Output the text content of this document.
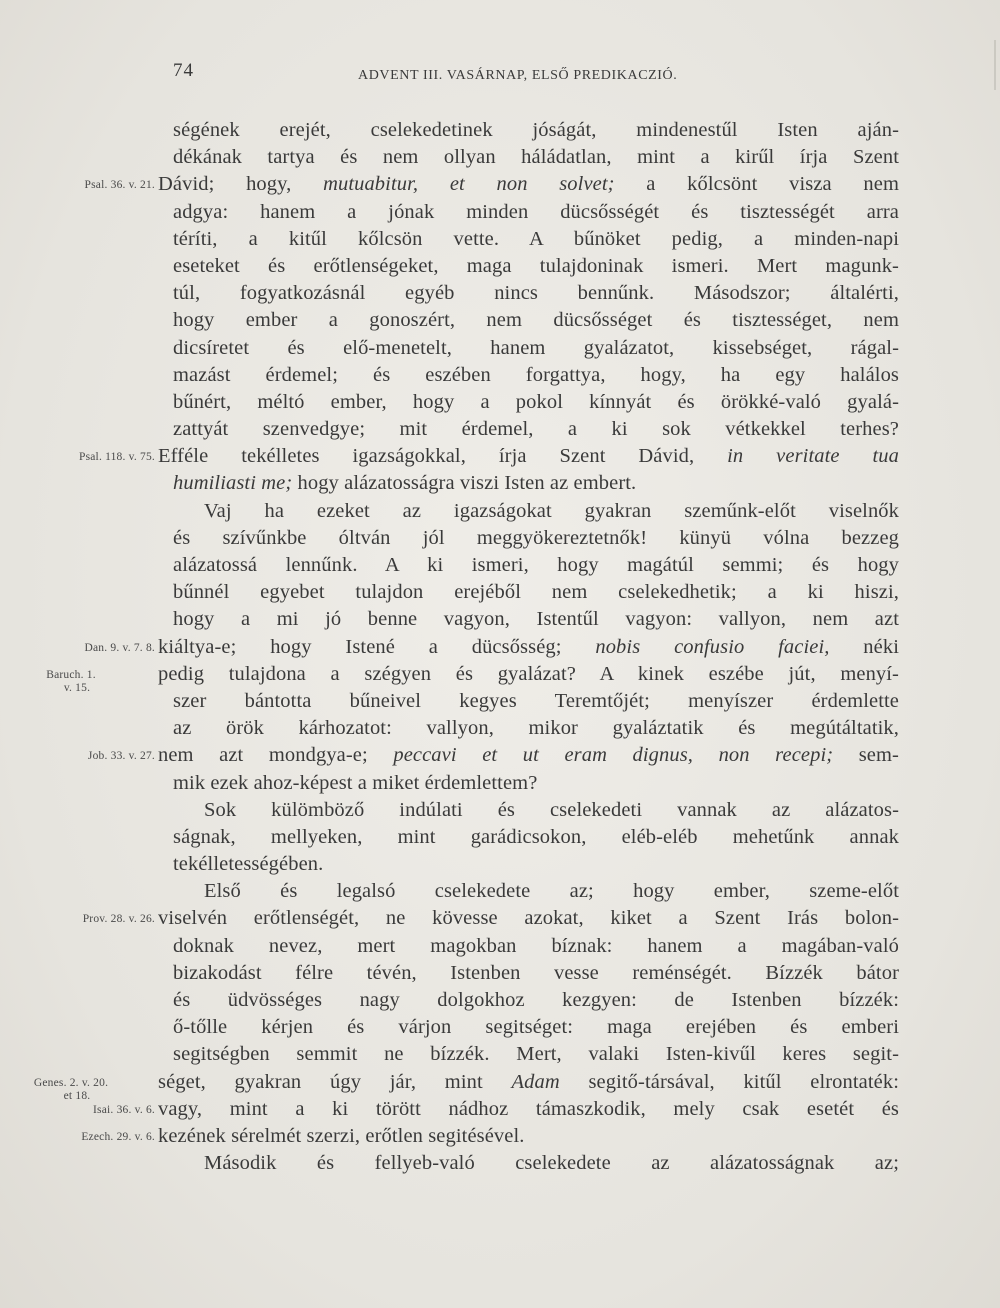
74	ADVENT III. VASÁRNAP, ELSŐ PREDIKACZIÓ.
ségének erejét, cselekedetinek jóságát, mindenestűl Isten aján-
dékának tartya és nem ollyan háládatlan, mint a kirűl írja Szent
Psal. 36. v. 21. Dávid; hogy, mutuabitur, et non solvet; a kőlcsönt visza nem
adgya: hanem a jónak minden dücsősségét és tisztességét arra
téríti, a kitűl kőlcsön vette. A bűnöket pedig, a minden-napi
eseteket és erőtlenségeket, maga tulajdoninak ismeri. Mert magunk-
túl, fogyatkozásnál egyéb nincs bennűnk. Másodszor; általérti,
hogy ember a gonoszért, nem dücsősséget és tisztességet, nem
dicsíretet és elő-menetelt, hanem gyalázatot, kissebséget, rágal-
mazást érdemel; és eszében forgattya, hogy, ha egy halálos
bűnért, méltó ember, hogy a pokol kínnyát és örökké-való gyalá-
zattyát szenvedgye; mit érdemel, a ki sok vétkekkel terhes?
Psal. 118. v. 75. Efféle tekélletes igazságokkal, írja Szent Dávid, in veritate tua
humiliasti me; hogy alázatosságra viszi Isten az embert.
Vaj ha ezeket az igazságokat gyakran szeműnk-előt viselnők
és szívűnkbe óltván jól meggyökereztetnők! künyü vólna bezzeg
alázatossá lennűnk. A ki ismeri, hogy magátúl semmi; és hogy
bűnnél egyebet tulajdon erejéből nem cselekedhetik; a ki hiszi,
hogy a mi jó benne vagyon, Istentűl vagyon: vallyon, nem azt
Dan. 9. v. 7. 8. kiáltya-e; hogy Istené a dücsősség; nobis confusio faciei, néki
Baruch. 1.
v. 15.
pedig tulajdona a szégyen és gyalázat? A kinek eszébe jút, menyí-
szer bántotta bűneivel kegyes Teremtőjét; menyíszer érdemlette
az örök kárhozatot: vallyon, mikor gyaláztatik és megútáltatik,
Job. 33. v. 27. nem azt mondgya-e; peccavi et ut eram dignus, non recepi; sem-
mik ezek ahoz-képest a miket érdemlettem?
Sok külömböző indúlati és cselekedeti vannak az alázatos-
ságnak, mellyeken, mint garádicsokon, eléb-eléb mehetűnk annak
tekélletességében.
Első és legalsó cselekedete az; hogy ember, szeme-előt
Prov. 28. v. 26. viselvén erőtlenségét, ne kövesse azokat, kiket a Szent Irás bolon-
doknak nevez, mert magokban bíznak: hanem a magában-való
bizakodást félre tévén, Istenben vesse reménségét. Bízzék bátor
és üdvösséges nagy dolgokhoz kezgyen: de Istenben bízzék:
ő-tőlle kérjen és várjon segitséget: maga erejében és emberi
segitségben semmit ne bízzék. Mert, valaki Isten-kivűl keres segit-
Genes. 2. v. 20.
et 18.
séget, gyakran úgy jár, mint Adam segitő-társával, kitűl elrontaték:
Isai. 36. v. 6. vagy, mint a ki törött nádhoz támaszkodik, mely csak esetét és
Ezech. 29. v. 6. kezének sérelmét szerzi, erőtlen segitésével.
Második és fellyeb-való cselekedete az alázatosságnak az;
